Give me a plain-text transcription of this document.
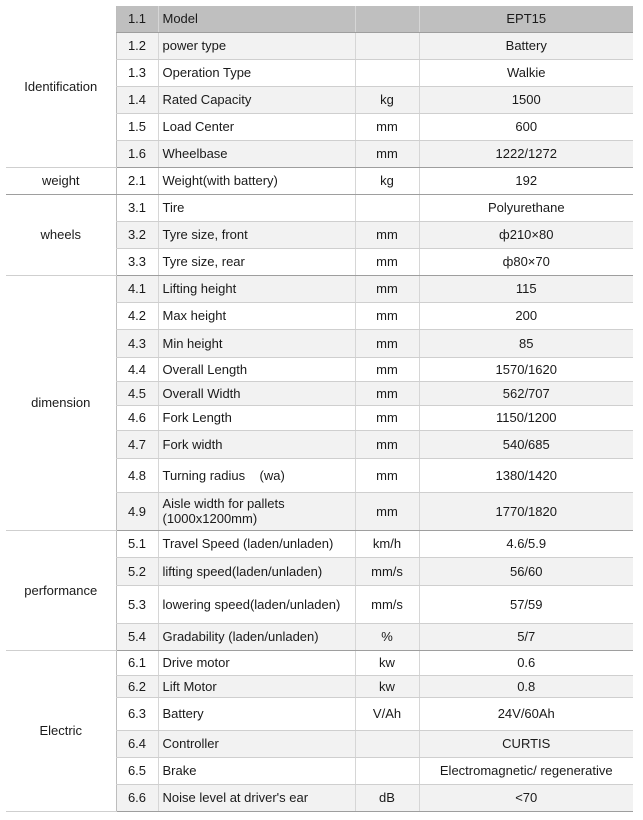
Identification	1.1	Model		EPT15
	1.2	power type		Battery
	1.3	Operation Type		Walkie
	1.4	Rated Capacity	kg	1500
	1.5	Load Center	mm	600
	1.6	Wheelbase	mm	1222/1272
weight	2.1	Weight(with battery)	kg	192
wheels	3.1	Tire		Polyurethane
	3.2	Tyre size, front	mm	ф210×80
	3.3	Tyre size, rear	mm	ф80×70
dimension	4.1	Lifting height	mm	115
	4.2	Max height	mm	200
	4.3	Min height	mm	85
	4.4	Overall Length	mm	1570/1620
	4.5	Overall Width	mm	562/707
	4.6	Fork Length	mm	1150/1200
	4.7	Fork width	mm	540/685
	4.8	Turning radius    (wa)	mm	1380/1420
	4.9	Aisle width for pallets (1000x1200mm)	mm	1770/1820
performance	5.1	Travel Speed (laden/unladen)	km/h	4.6/5.9
	5.2	lifting speed(laden/unladen)	mm/s	56/60
	5.3	lowering speed(laden/unladen)	mm/s	57/59
	5.4	Gradability (laden/unladen)	%	5/7
Electric	6.1	Drive motor	kw	0.6
	6.2	Lift Motor	kw	0.8
	6.3	Battery	V/Ah	24V/60Ah
	6.4	Controller		CURTIS
	6.5	Brake		Electromagnetic/ regenerative
	6.6	Noise level at driver's ear	dB	<70
